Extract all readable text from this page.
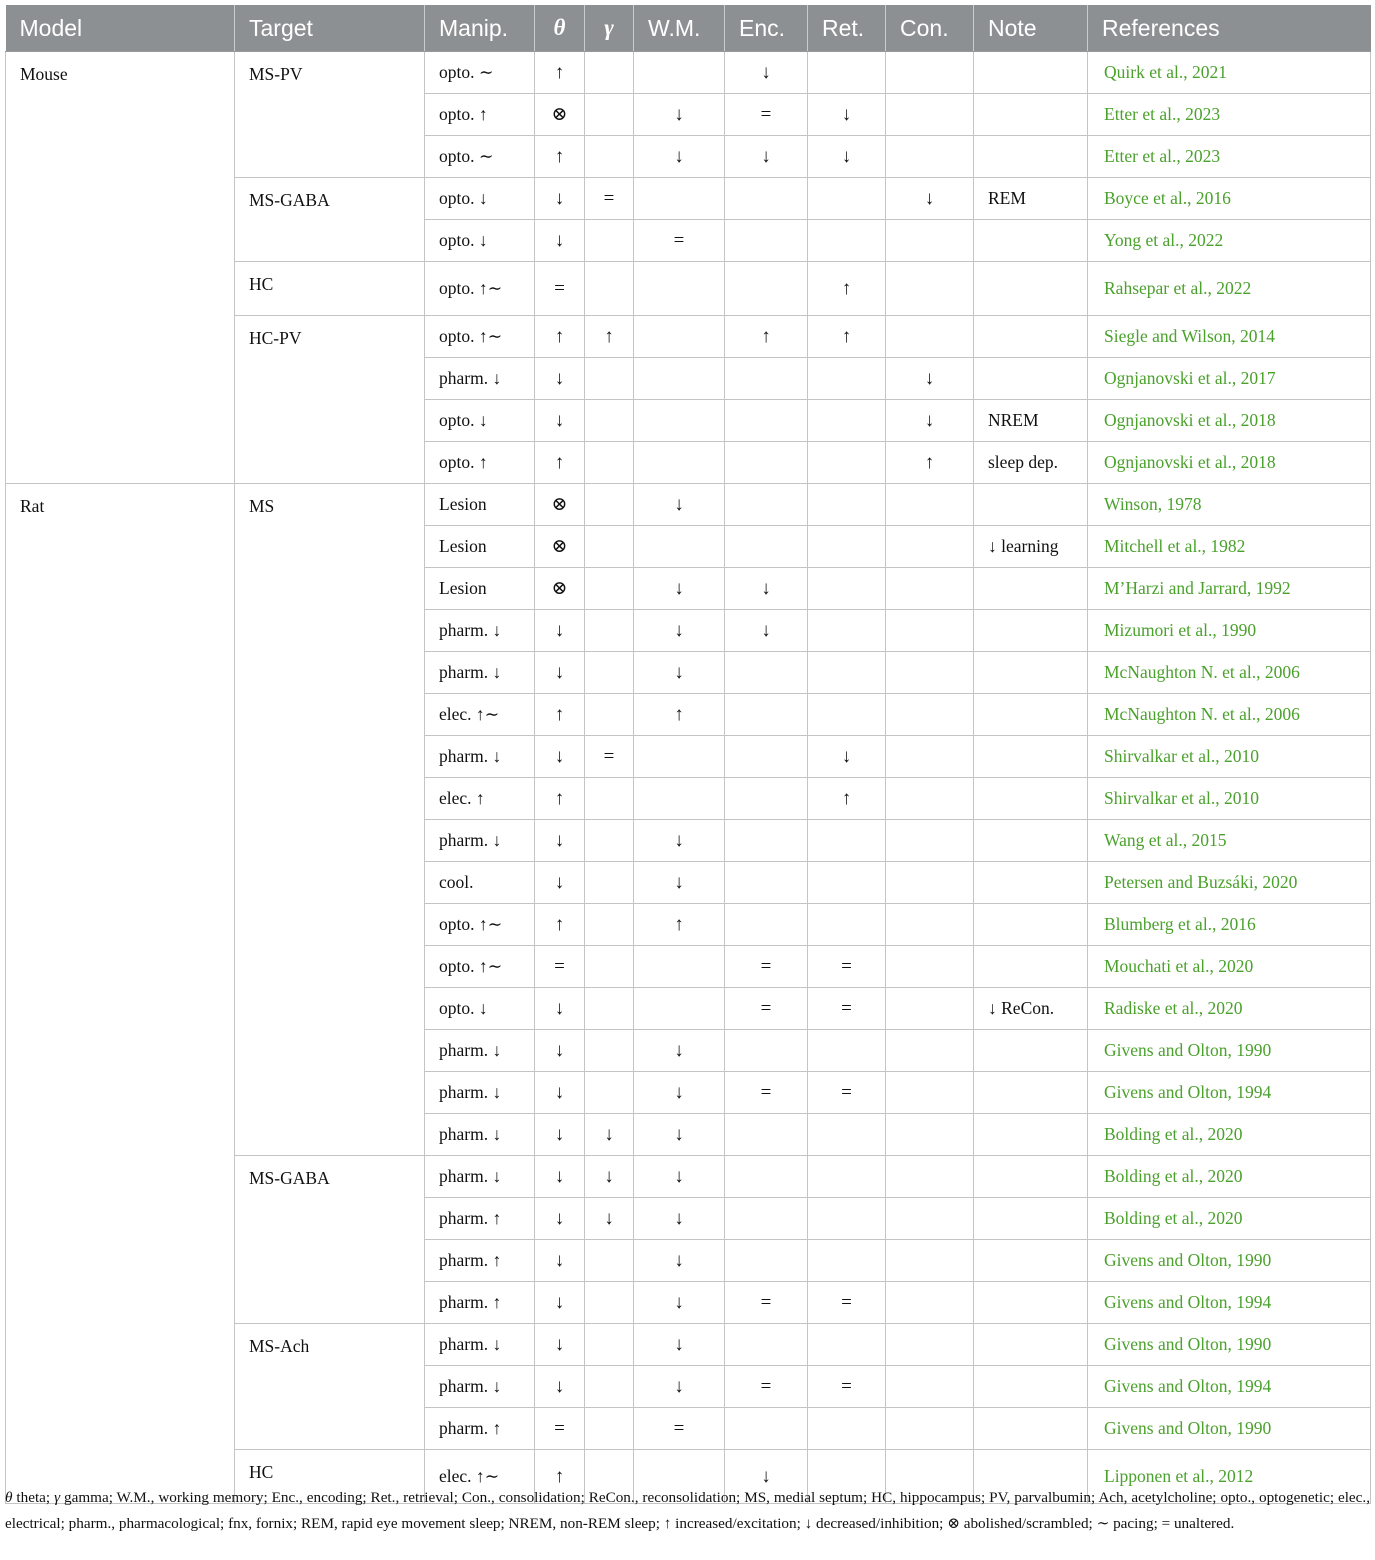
Model	Target	Manip.	θ	γ	W.M.	Enc.	Ret.	Con.	Note	References
Mouse	MS-PV	opto. ∼	↑			↓				Quirk et al., 2021
		opto. ↑	⊗		↓	=	↓			Etter et al., 2023
		opto. ∼	↑		↓	↓	↓			Etter et al., 2023
	MS-GABA	opto. ↓	↓	=				↓	REM	Boyce et al., 2016
		opto. ↓	↓		=					Yong et al., 2022
	HC	opto. ↑∼	=				↑			Rahsepar et al., 2022
	HC-PV	opto. ↑∼	↑	↑		↑	↑			Siegle and Wilson, 2014
		pharm. ↓	↓					↓		Ognjanovski et al., 2017
		opto. ↓	↓					↓	NREM	Ognjanovski et al., 2018
		opto. ↑	↑					↑	sleep dep.	Ognjanovski et al., 2018
Rat	MS	Lesion	⊗		↓					Winson, 1978
		Lesion	⊗						↓ learning	Mitchell et al., 1982
		Lesion	⊗		↓	↓				M’Harzi and Jarrard, 1992
		pharm. ↓	↓		↓	↓				Mizumori et al., 1990
		pharm. ↓	↓		↓					McNaughton N. et al., 2006
		elec. ↑∼	↑		↑					McNaughton N. et al., 2006
		pharm. ↓	↓	=			↓			Shirvalkar et al., 2010
		elec. ↑	↑				↑			Shirvalkar et al., 2010
		pharm. ↓	↓		↓					Wang et al., 2015
		cool.	↓		↓					Petersen and Buzsáki, 2020
		opto. ↑∼	↑		↑					Blumberg et al., 2016
		opto. ↑∼	=			=	=			Mouchati et al., 2020
		opto. ↓	↓			=	=		↓ ReCon.	Radiske et al., 2020
		pharm. ↓	↓		↓					Givens and Olton, 1990
		pharm. ↓	↓		↓	=	=			Givens and Olton, 1994
		pharm. ↓	↓	↓	↓					Bolding et al., 2020
	MS-GABA	pharm. ↓	↓	↓	↓					Bolding et al., 2020
		pharm. ↑	↓	↓	↓					Bolding et al., 2020
		pharm. ↑	↓		↓					Givens and Olton, 1990
		pharm. ↑	↓		↓	=	=			Givens and Olton, 1994
	MS-Ach	pharm. ↓	↓		↓					Givens and Olton, 1990
		pharm. ↓	↓		↓	=	=			Givens and Olton, 1994
		pharm. ↑	=		=					Givens and Olton, 1990
	HC	elec. ↑∼	↑			↓				Lipponen et al., 2012
θ theta; γ gamma; W.M., working memory; Enc., encoding; Ret., retrieval; Con., consolidation; ReCon., reconsolidation; MS, medial septum; HC, hippocampus; PV, parvalbumin; Ach, acetylcholine; opto., optogenetic; elec., electrical; pharm., pharmacological; fnx, fornix; REM, rapid eye movement sleep; NREM, non-REM sleep; ↑ increased/excitation; ↓ decreased/inhibition; ⊗ abolished/scrambled; ∼ pacing; = unaltered.
